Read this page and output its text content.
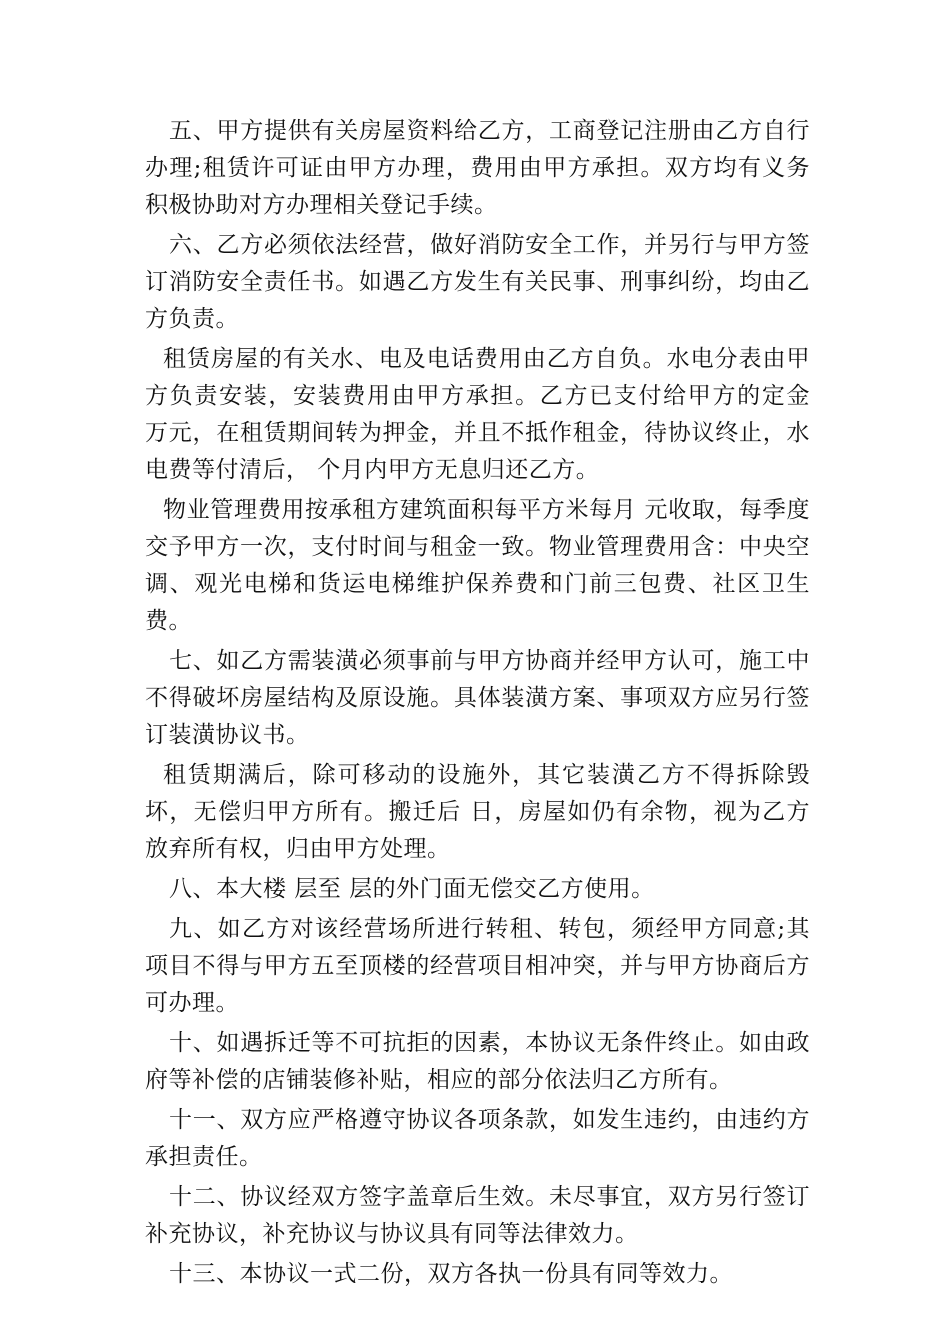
五、甲方提供有关房屋资料给乙方，工商登记注册由乙方自行办理;租赁许可证由甲方办理，费用由甲方承担。双方均有义务积极协助对方办理相关登记手续。

六、乙方必须依法经营，做好消防安全工作，并另行与甲方签订消防安全责任书。如遇乙方发生有关民事、刑事纠纷，均由乙方负责。

租赁房屋的有关水、电及电话费用由乙方自负。水电分表由甲方负责安装，安装费用由甲方承担。乙方已支付给甲方的定金 万元，在租赁期间转为押金，并且不抵作租金，待协议终止，水电费等付清后， 个月内甲方无息归还乙方。

物业管理费用按承租方建筑面积每平方米每月 元收取，每季度交予甲方一次，支付时间与租金一致。物业管理费用含：中央空调、观光电梯和货运电梯维护保养费和门前三包费、社区卫生费。

七、如乙方需装潢必须事前与甲方协商并经甲方认可，施工中不得破坏房屋结构及原设施。具体装潢方案、事项双方应另行签订装潢协议书。

租赁期满后，除可移动的设施外，其它装潢乙方不得拆除毁坏，无偿归甲方所有。搬迁后 日，房屋如仍有余物，视为乙方放弃所有权，归由甲方处理。

八、本大楼 层至 层的外门面无偿交乙方使用。

九、如乙方对该经营场所进行转租、转包，须经甲方同意;其项目不得与甲方五至顶楼的经营项目相冲突，并与甲方协商后方可办理。

十、如遇拆迁等不可抗拒的因素，本协议无条件终止。如由政府等补偿的店铺装修补贴，相应的部分依法归乙方所有。

十一、双方应严格遵守协议各项条款，如发生违约，由违约方承担责任。

十二、协议经双方签字盖章后生效。未尽事宜，双方另行签订补充协议，补充协议与协议具有同等法律效力。

十三、本协议一式二份，双方各执一份具有同等效力。
